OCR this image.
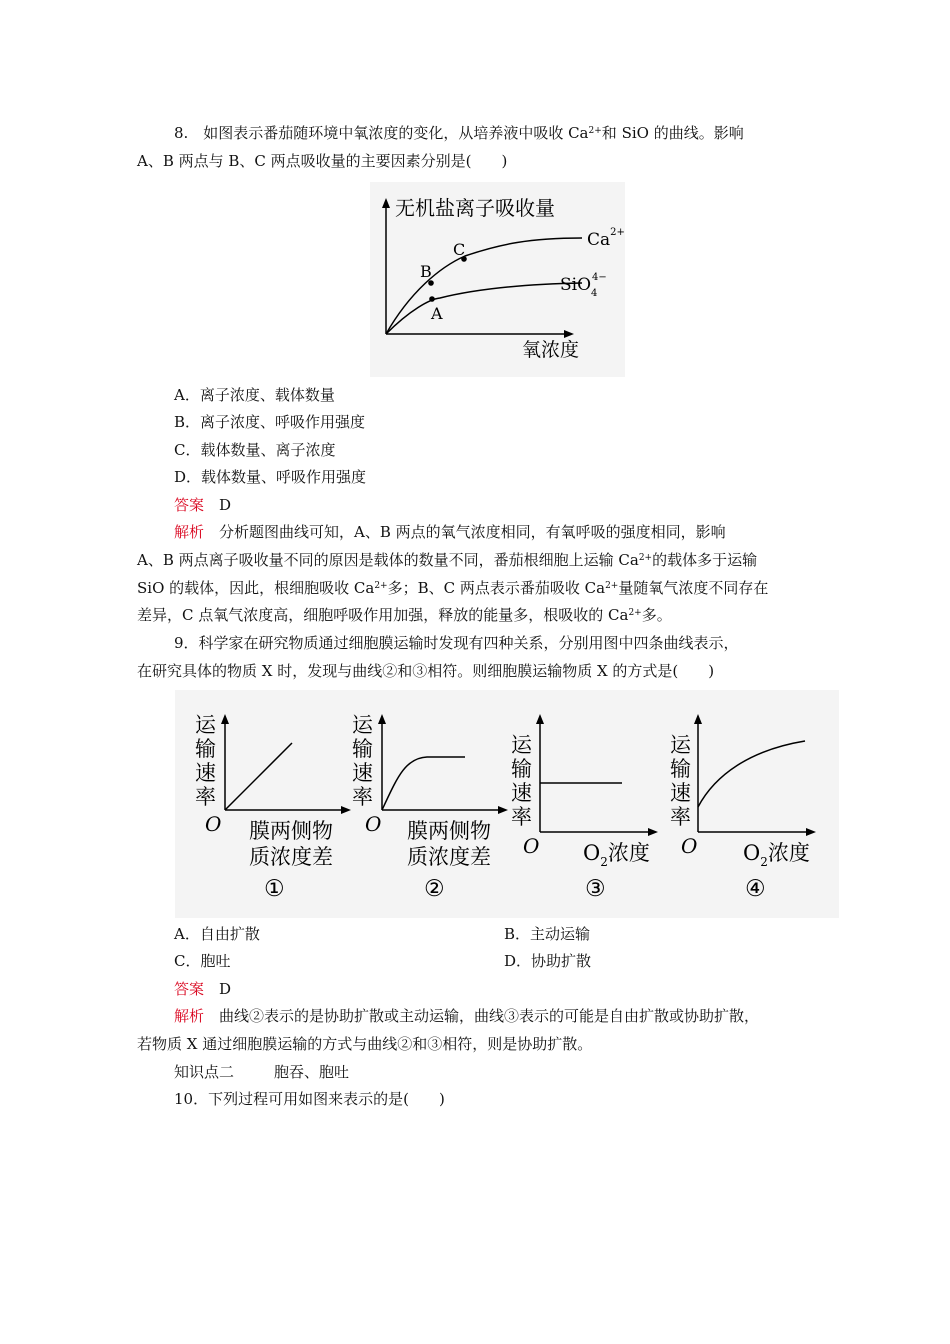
8.　如图表示番茄随环境中氧浓度的变化，从培养液中吸收 $Ca^{2+}$和 SiO 的曲线。影响
A、B 两点与 B、C 两点吸收量的主要因素分别是(　　)
无机盐离子吸收量
氧浓度
B
C
A
$Ca^{2+}$
SiO44−
A．离子浓度、载体数量
B．离子浓度、呼吸作用强度
C．载体数量、离子浓度
D．载体数量、呼吸作用强度
答案　 D
解析　 分析题图曲线可知，A、B 两点的氧气浓度相同，有氧呼吸的强度相同，影响
A、B 两点离子吸收量不同的原因是载体的数量不同，番茄根细胞上运输 $Ca^{2+}$的载体多于运输
SiO 的载体，因此，根细胞吸收 $Ca^{2+}$多；B、C 两点表示番茄吸收 $Ca^{2+}$量随氧气浓度不同存在
差异，C 点氧气浓度高，细胞呼吸作用加强，释放的能量多，根吸收的 $Ca^{2+}$多。
9．科学家在研究物质通过细胞膜运输时发现有四种关系，分别用图中四条曲线表示，
在研究具体的物质 X 时，发现与曲线②和③相符。则细胞膜运输物质 X 的方式是(　　)
运
输
速
率
O 膜两侧物
质浓度差
①
运
输
速
率
O 膜两侧物
质浓度差
②
运
输
速
率
O $O_2$浓度
③
运
输
速
率
O $O_2$浓度
④
A．自由扩散	B．主动运输
C．胞吐	D．协助扩散
答案　 D
解析　 曲线②表示的是协助扩散或主动运输，曲线③表示的可能是自由扩散或协助扩散，
若物质 X 通过细胞膜运输的方式与曲线②和③相符，则是协助扩散。
知识点二	胞吞、胞吐
10．下列过程可用如图来表示的是(　　)
